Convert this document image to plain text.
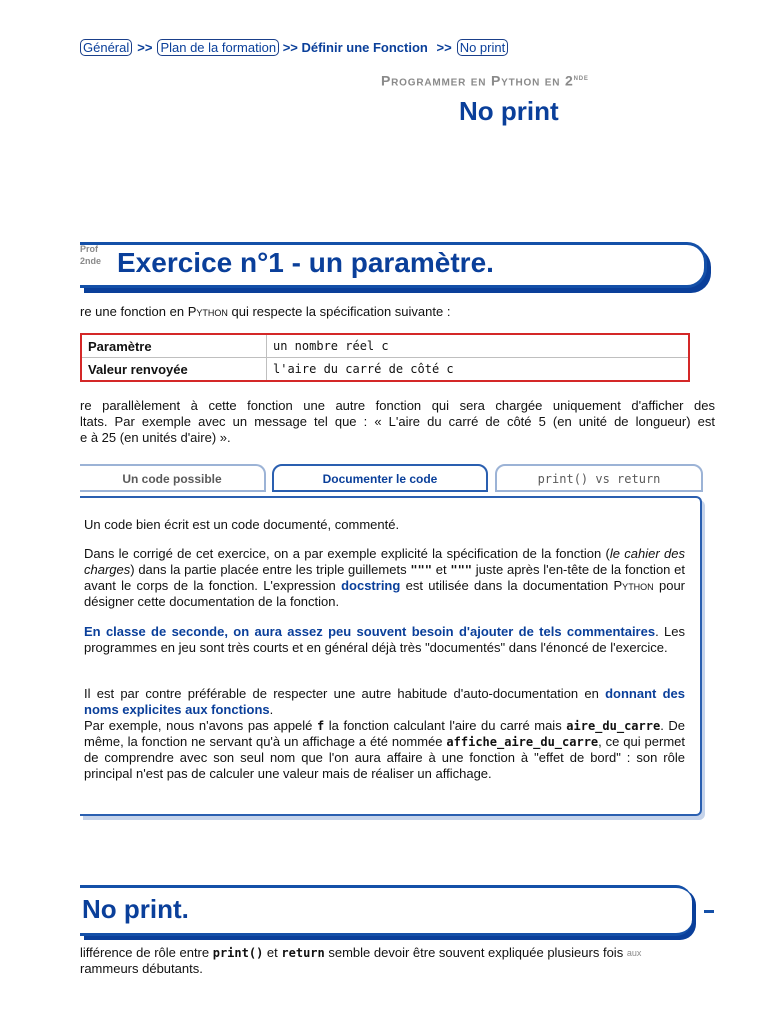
Général >> Plan de la formation >> Définir une Fonction >> No print
Programmer en Python en 2nde
No print
Prof
2nde Exercice n°1 - un paramètre.
re une fonction en Python qui respecte la spécification suivante :
Paramètre	un nombre réel c
Valeur renvoyée	l'aire du carré de côté c
re parallèlement à cette fonction une autre fonction qui sera chargée uniquement d'afficher des
ltats. Par exemple avec un message tel que : « L'aire du carré de côté 5 (en unité de longueur) est
e à 25 (en unités d'aire) ».
Un code possible	Documenter le code	print() vs return
Un code bien écrit est un code documenté, commenté.
Dans le corrigé de cet exercice, on a par exemple explicité la spécification de la fonction (le cahier des charges) dans la partie placée entre les triple guillemets """ et """ juste après l'en-tête de la fonction et avant le corps de la fonction. L'expression docstring est utilisée dans la documentation Python pour désigner cette documentation de la fonction.
En classe de seconde, on aura assez peu souvent besoin d'ajouter de tels commentaires. Les programmes en jeu sont très courts et en général déjà très "documentés" dans l'énoncé de l'exercice.
Il est par contre préférable de respecter une autre habitude d'auto-documentation en donnant des noms explicites aux fonctions.
Par exemple, nous n'avons pas appelé f la fonction calculant l'aire du carré mais aire_du_carre. De même, la fonction ne servant qu'à un affichage a été nommée affiche_aire_du_carre, ce qui permet de comprendre avec son seul nom que l'on aura affaire à une fonction à "effet de bord" : son rôle principal n'est pas de calculer une valeur mais de réaliser un affichage.
No print.
lifférence de rôle entre print() et return semble devoir être souvent expliquée plusieurs fois $^{aux}$
rammeurs débutants.
